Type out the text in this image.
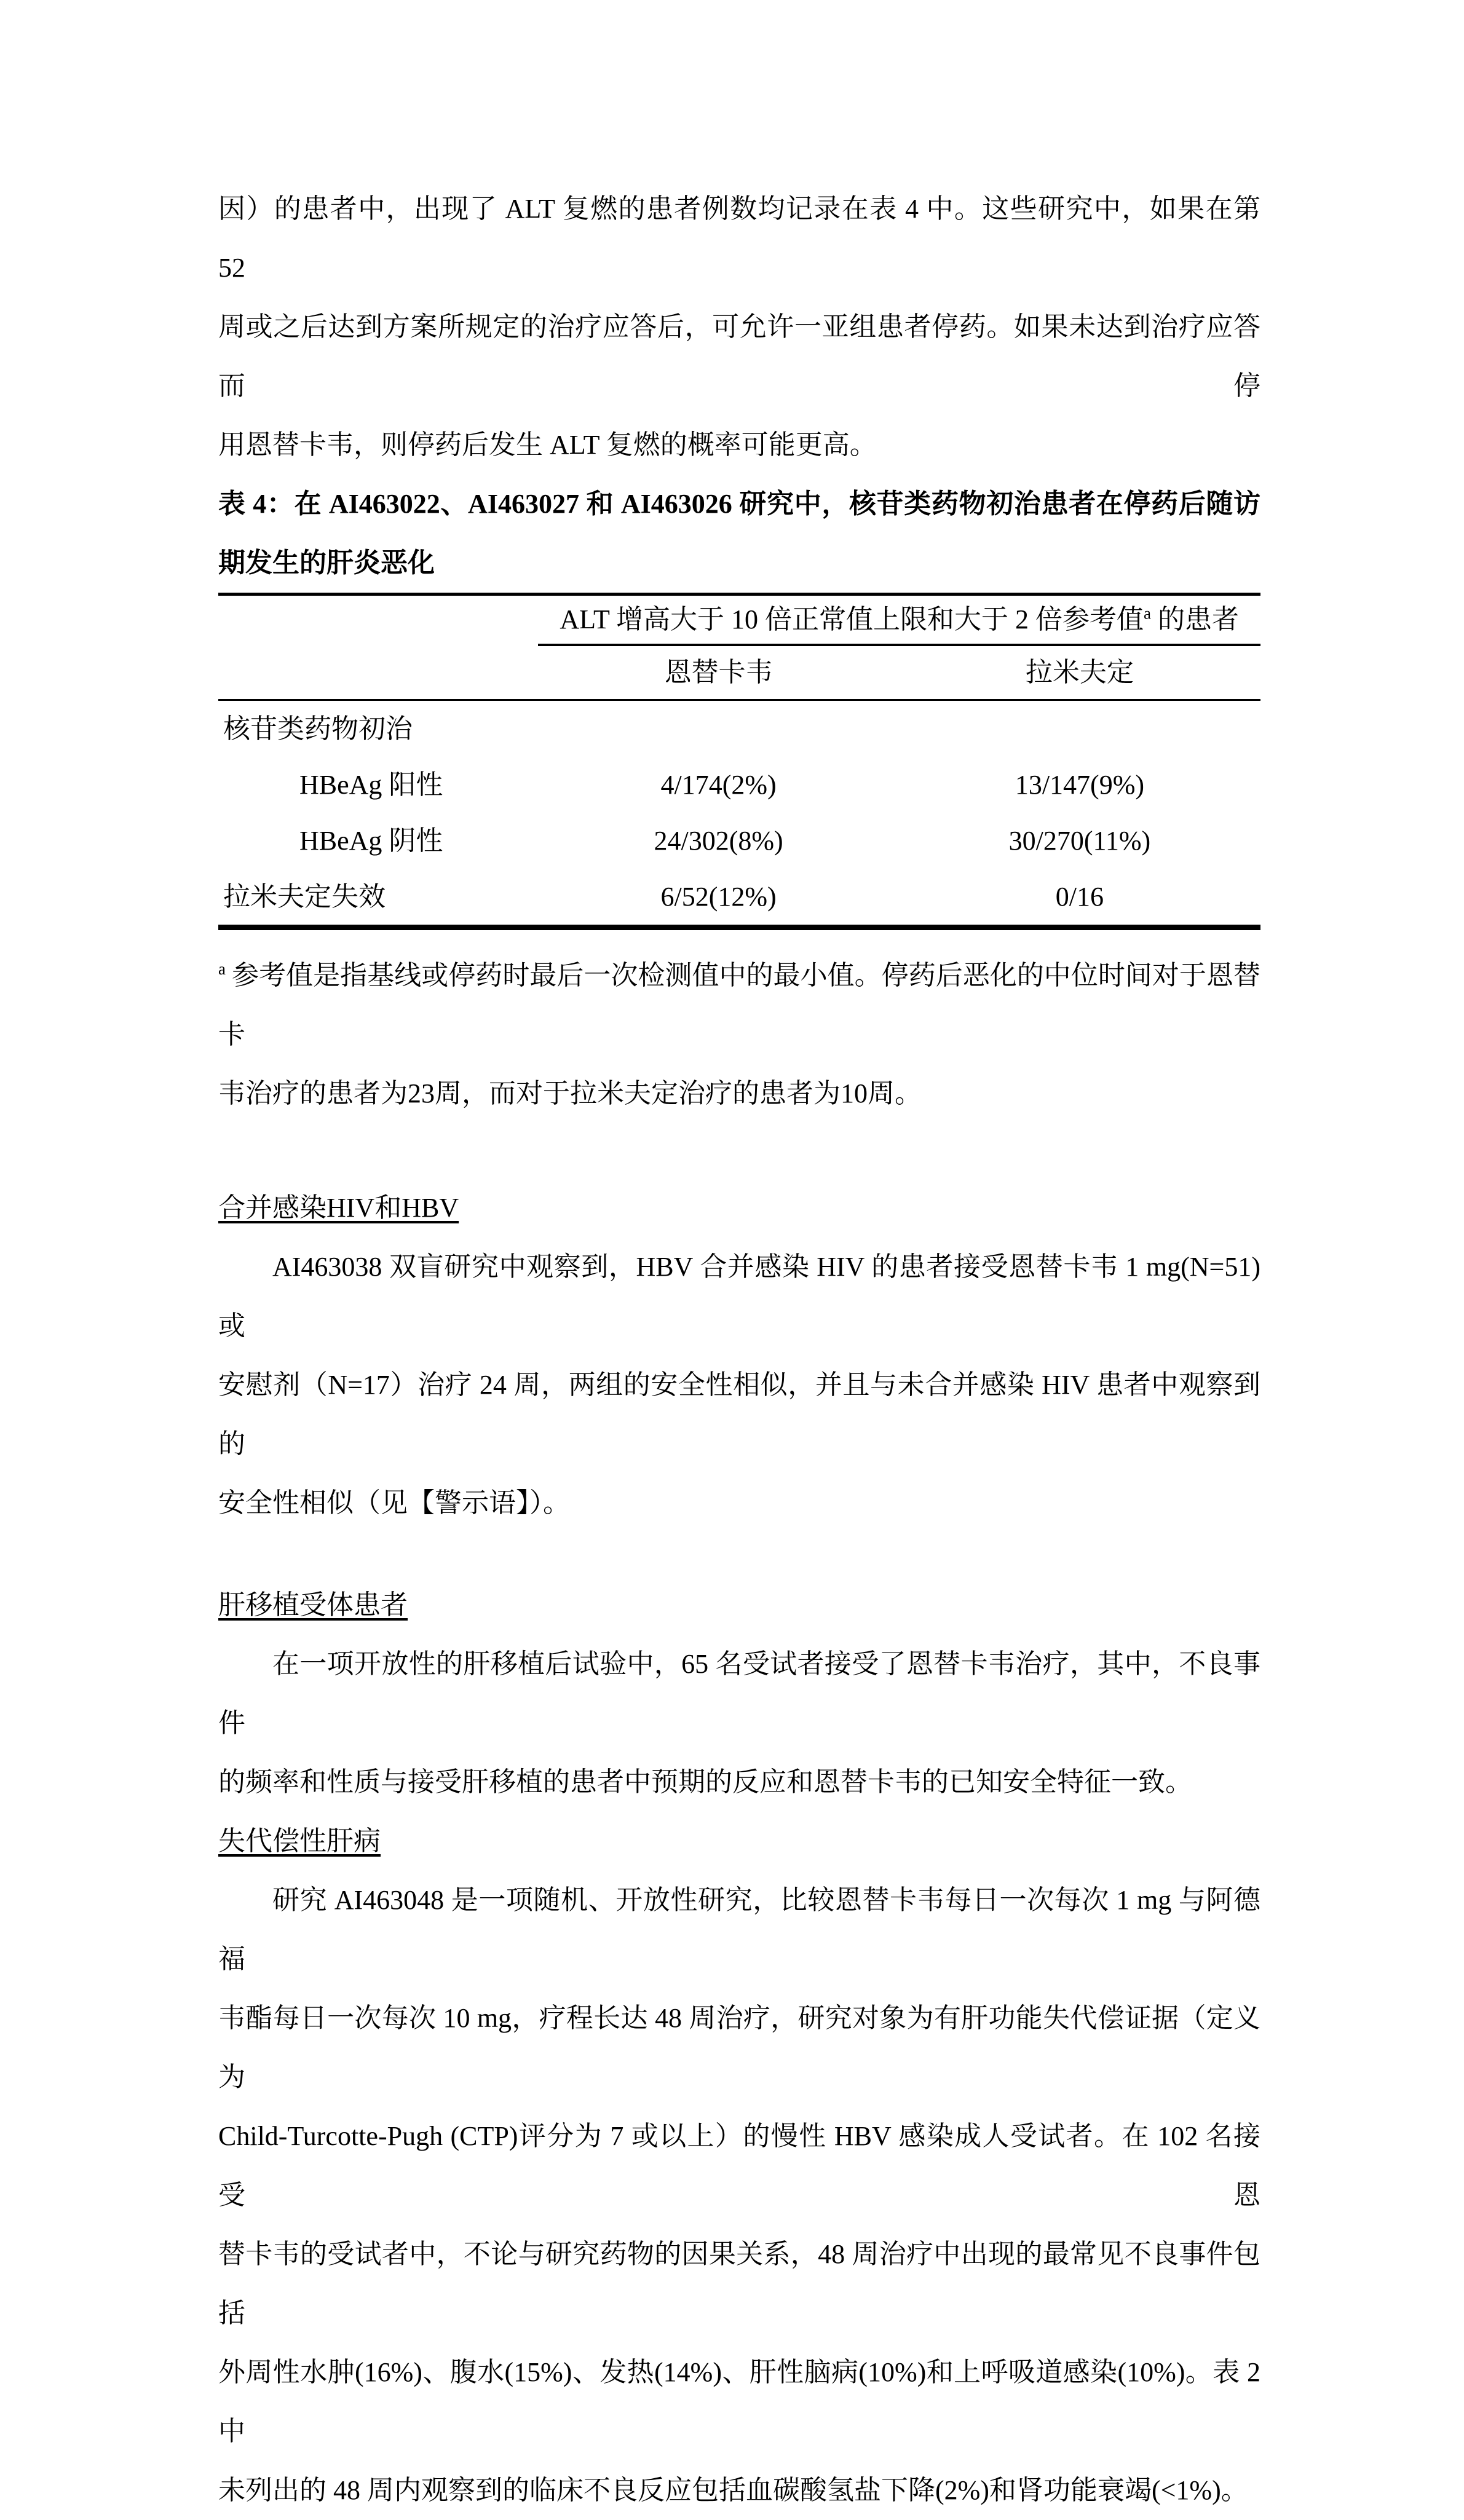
因）的患者中，出现了 ALT 复燃的患者例数均记录在表 4 中。这些研究中，如果在第 52
周或之后达到方案所规定的治疗应答后，可允许一亚组患者停药。如果未达到治疗应答而停
用恩替卡韦，则停药后发生 ALT 复燃的概率可能更高。
表 4：在 AI463022、AI463027 和 AI463026 研究中，核苷类药物初治患者在停药后随访
期发生的肝炎恶化
ALT 增高大于 10 倍正常值上限和大于 2 倍参考值$^a$ 的患者
恩替卡韦	拉米夫定
核苷类药物初治
HBeAg 阳性	4/174(2%)	13/147(9%)
HBeAg 阴性	24/302(8%)	30/270(11%)
拉米夫定失效	6/52(12%)	0/16
$^a$ 参考值是指基线或停药时最后一次检测值中的最小值。停药后恶化的中位时间对于恩替卡
韦治疗的患者为23周，而对于拉米夫定治疗的患者为10周。
合并感染HIV和HBV
AI463038 双盲研究中观察到，HBV 合并感染 HIV 的患者接受恩替卡韦 1 mg(N=51)或
安慰剂（N=17）治疗 24 周，两组的安全性相似，并且与未合并感染 HIV 患者中观察到的
安全性相似（见【警示语】）。
肝移植受体患者
在一项开放性的肝移植后试验中，65 名受试者接受了恩替卡韦治疗，其中，不良事件
的频率和性质与接受肝移植的患者中预期的反应和恩替卡韦的已知安全特征一致。
失代偿性肝病
研究 AI463048 是一项随机、开放性研究，比较恩替卡韦每日一次每次 1 mg 与阿德福
韦酯每日一次每次 10 mg，疗程长达 48 周治疗，研究对象为有肝功能失代偿证据（定义为
Child-Turcotte-Pugh (CTP)评分为 7 或以上）的慢性 HBV 感染成人受试者。在 102 名接受恩
替卡韦的受试者中，不论与研究药物的因果关系，48 周治疗中出现的最常见不良事件包括
外周性水肿(16%)、腹水(15%)、发热(14%)、肝性脑病(10%)和上呼吸道感染(10%)。表 2 中
未列出的 48 周内观察到的临床不良反应包括血碳酸氢盐下降(2%)和肾功能衰竭(<1%)。
